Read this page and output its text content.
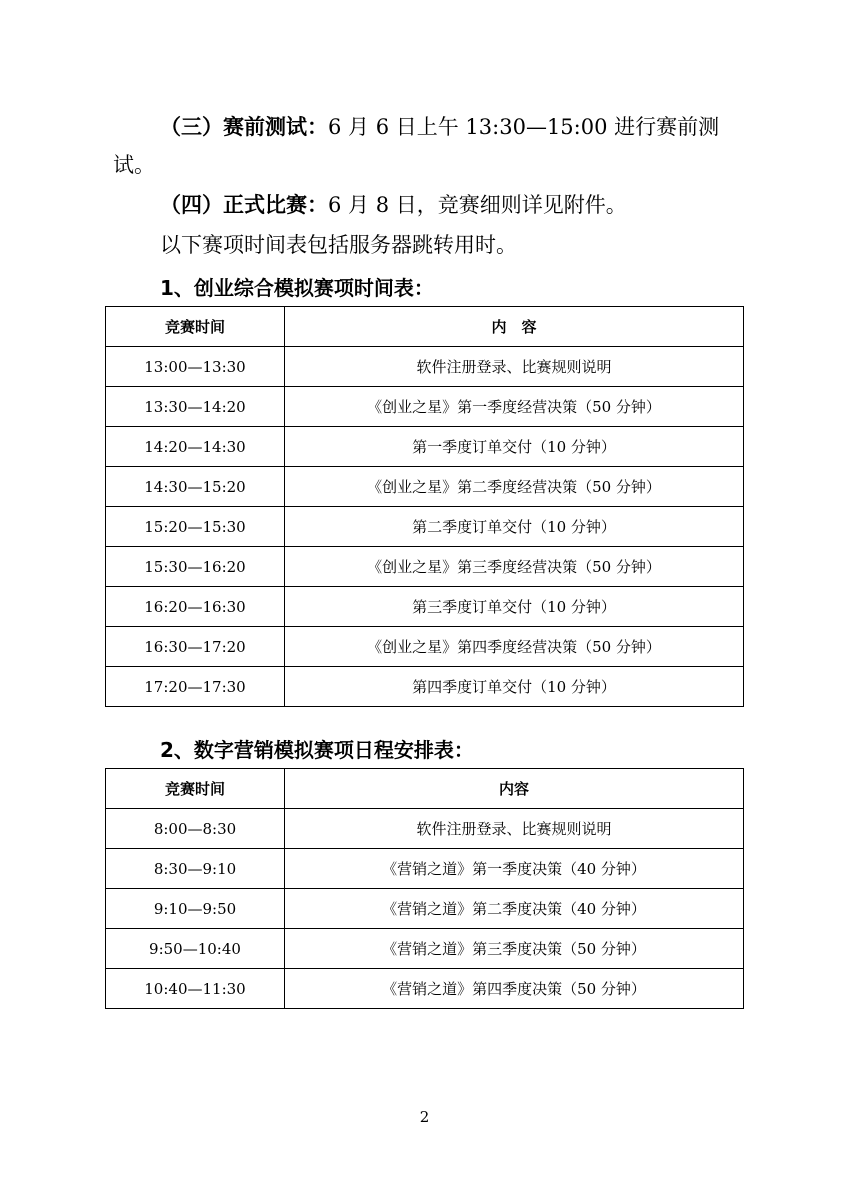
（三）赛前测试：6 月 6 日上午 13:30—15:00 进行赛前测
试。
（四）正式比赛：6 月 8 日，竞赛细则详见附件。
以下赛项时间表包括服务器跳转用时。
1、创业综合模拟赛项时间表：
竞赛时间	内　容
13:00—13:30	软件注册登录、比赛规则说明
13:30—14:20	《创业之星》第一季度经营决策（50 分钟）
14:20—14:30	第一季度订单交付（10 分钟）
14:30—15:20	《创业之星》第二季度经营决策（50 分钟）
15:20—15:30	第二季度订单交付（10 分钟）
15:30—16:20	《创业之星》第三季度经营决策（50 分钟）
16:20—16:30	第三季度订单交付（10 分钟）
16:30—17:20	《创业之星》第四季度经营决策（50 分钟）
17:20—17:30	第四季度订单交付（10 分钟）
2、数字营销模拟赛项日程安排表：
竞赛时间	内容
8:00—8:30	软件注册登录、比赛规则说明
8:30—9:10	《营销之道》第一季度决策（40 分钟）
9:10—9:50	《营销之道》第二季度决策（40 分钟）
9:50—10:40	《营销之道》第三季度决策（50 分钟）
10:40—11:30	《营销之道》第四季度决策（50 分钟）
2
